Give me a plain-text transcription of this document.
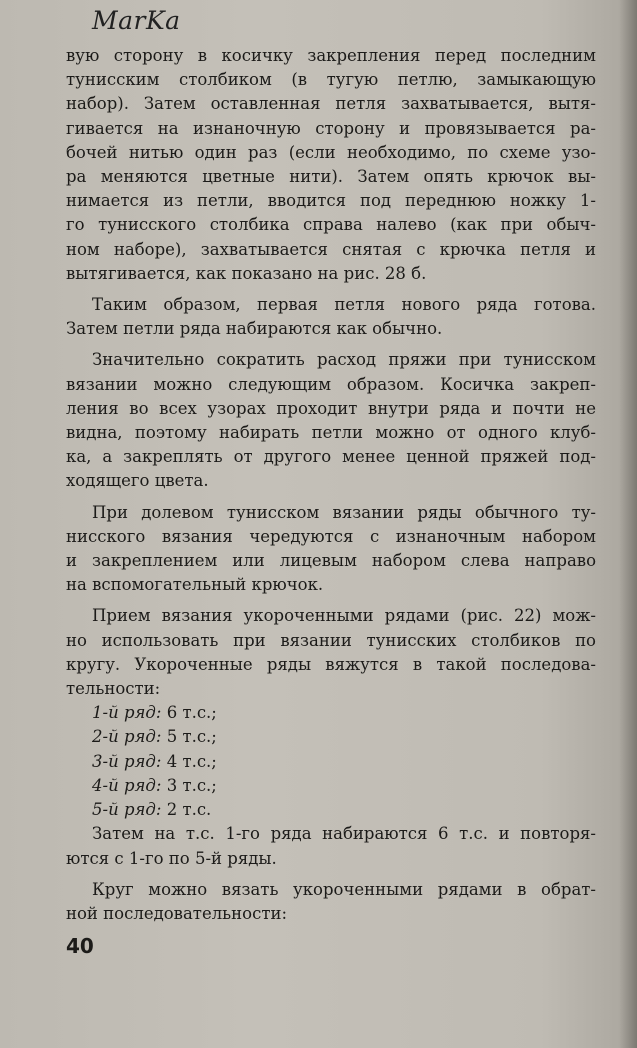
MarKa
вую сторону в косичку закрепления перед последним
тунисским столбиком (в тугую петлю, замыкающую
набор). Затем оставленная петля захватывается, вытя-
гивается на изнаночную сторону и провязывается ра-
бочей нитью один раз (если необходимо, по схеме узо-
ра меняются цветные нити). Затем опять крючок вы-
нимается из петли, вводится под переднюю ножку 1-
го тунисского столбика справа налево (как при обыч-
ном наборе), захватывается снятая с крючка петля и
вытягивается, как показано на рис. 28 б.
Таким образом, первая петля нового ряда готова.
Затем петли ряда набираются как обычно.
Значительно сократить расход пряжи при тунисском
вязании можно следующим образом. Косичка закреп-
ления во всех узорах проходит внутри ряда и почти не
видна, поэтому набирать петли можно от одного клуб-
ка, а закреплять от другого менее ценной пряжей под-
ходящего цвета.
При долевом тунисском вязании ряды обычного ту-
нисского вязания чередуются с изнаночным набором
и закреплением или лицевым набором слева направо
на вспомогательный крючок.
Прием вязания укороченными рядами (рис. 22) мож-
но использовать при вязании тунисских столбиков по
кругу. Укороченные ряды вяжутся в такой последова-
тельности:
1-й ряд: 6 т.с.;
2-й ряд: 5 т.с.;
3-й ряд: 4 т.с.;
4-й ряд: 3 т.с.;
5-й ряд: 2 т.с.
Затем на т.с. 1-го ряда набираются 6 т.с. и повторя-
ются с 1-го по 5-й ряды.
Круг можно вязать укороченными рядами в обрат-
ной последовательности:
40
